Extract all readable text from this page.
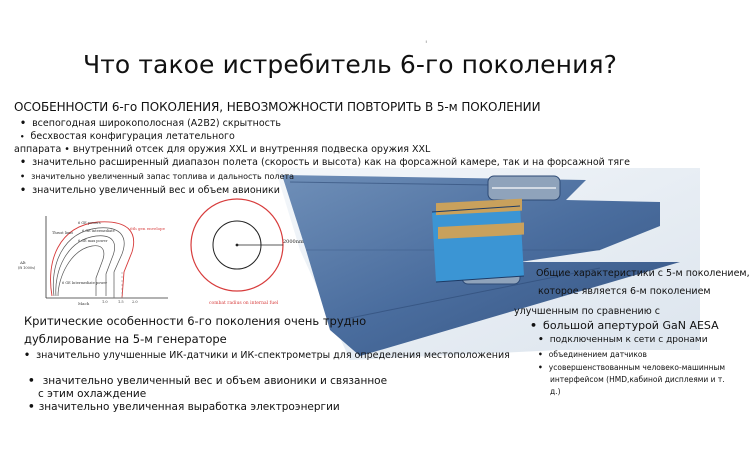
Что такое истребитель 6-го поколения?
'
ОСОБЕННОСТИ 6-го ПОКОЛЕНИЯ, НЕВОЗМОЖНОСТИ ПОВТОРИТЬ В 5-м ПОКОЛЕНИИ
• всепогодная широкополосная (A2B2) скрытность
• бесхвостая конфигурация летательного
аппарата • внутренний отсек для оружия XXL и внутренняя подвеска оружия XXL
• значительно расширенный диапазон полета (скорость и высота) как на форсажной камере, так и на форсажной тяге
• значительно увеличенный запас топлива и дальность полета
• значительно увеличенный вес и объем авионики
Thrust limit
6 GE powers
6 GE intermediate
6 GE max power
6th gen envelope
6 GE Intermediate power
Alt
(ft 1000s)
Mach	1.0	1.5 2.0
2000nm
combat radius on internal fuel
Критические особенности 6-го поколения очень трудно
дублирование на 5-м генераторе
• значительно улучшенные ИК-датчики и ИК-спектрометры для определения местоположения
• значительно увеличенный вес и объем авионики и связанное
с этим охлаждение
• значительно увеличенная выработка электроэнергии
Общие характеристики с 5-м поколением,
которое является 6-м поколением
улучшенным по сравнению с
• большой апертурой GaN AESA
• подключенным к сети с дронами
• объединением датчиков
• усовершенствованным человеко-машинным
интерфейсом (HMD,кабиной дисплеями и т.
д.)
